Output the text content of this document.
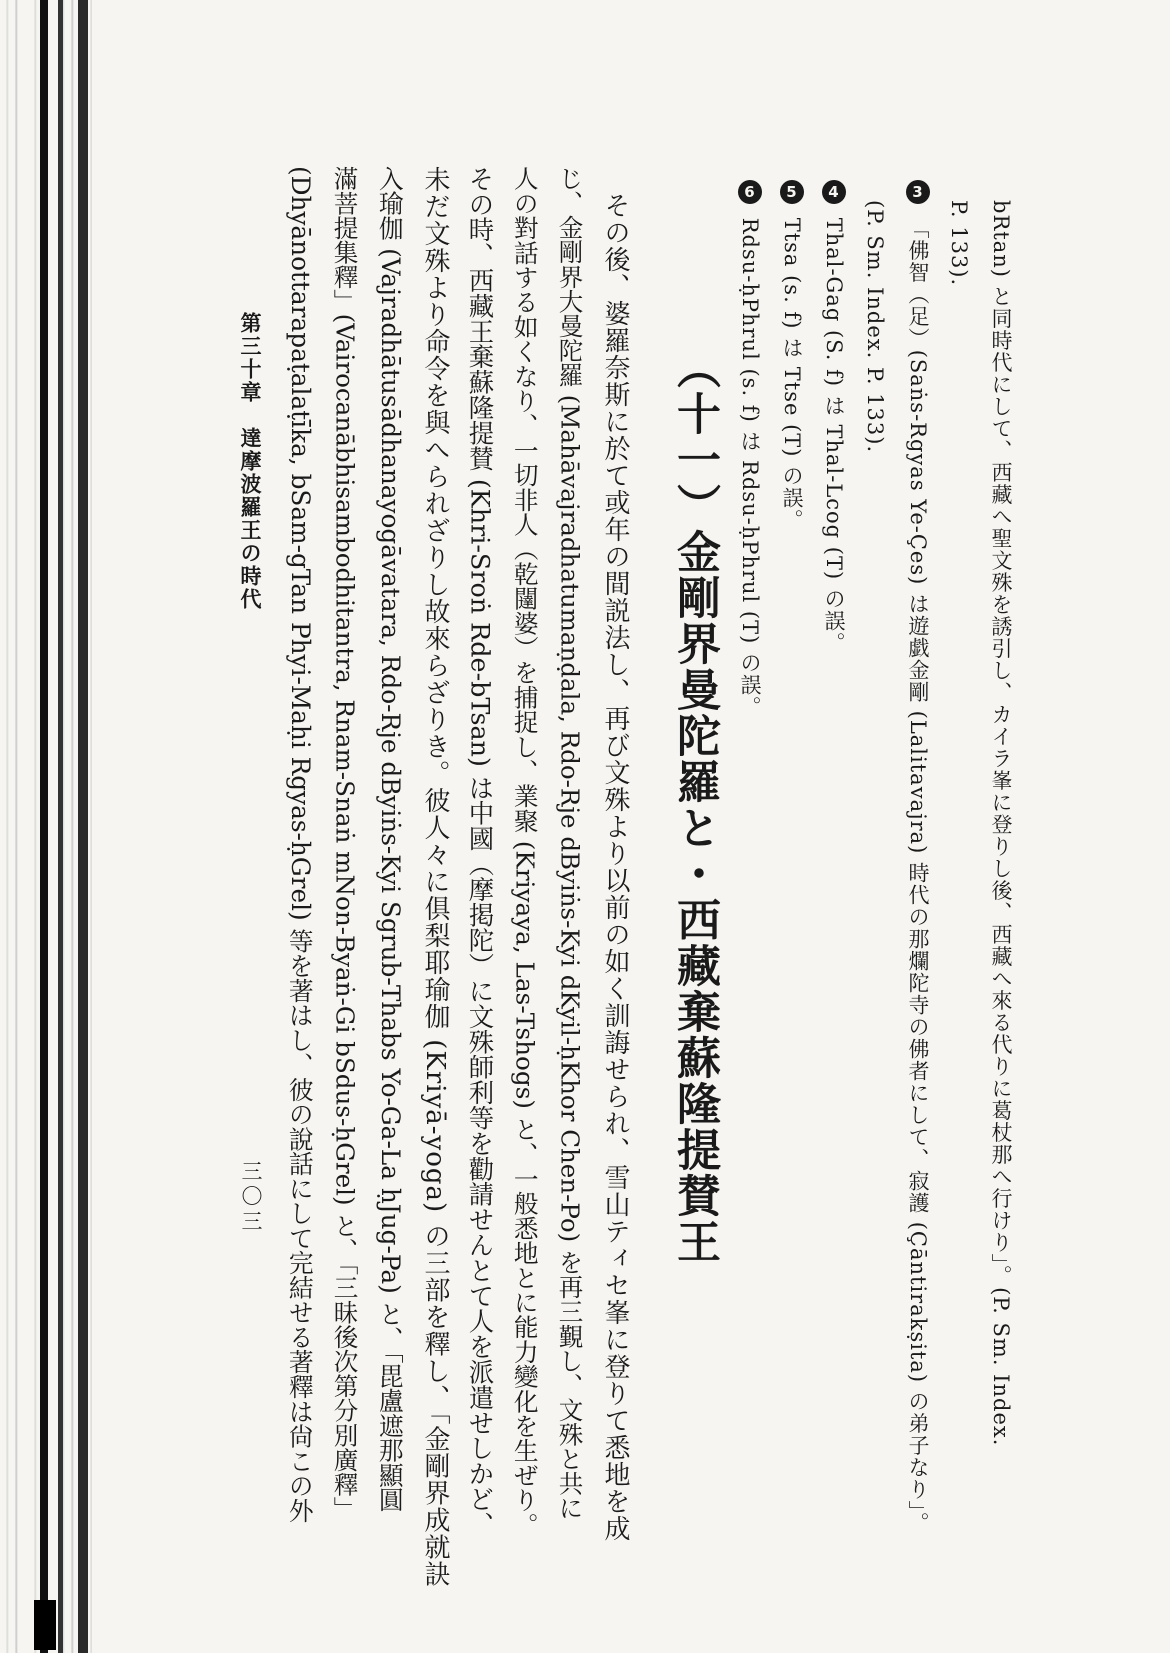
bRtan) と同時代にして、西藏へ聖文殊を誘引し、カイラ峯に登りし後、西藏へ來る代りに葛杖那へ行けり」。(P. Sm. Index.
P. 133).
3 「佛智（足）(Saṅs-Rgyas Ye-Çes) は遊戯金剛 (Lalitavajra) 時代の那爛陀寺の佛者にして、寂護 (Çāntirakṣita) の弟子なり」。
(P. Sm. Index. P. 133).
4 Thal-Gag (S. f) は Thal-Lcog (T) の誤。
5 Ttsa (s. f) は Ttse (T) の誤。
6 Rdsu-ḥPhrul (s. f) は Rdsu-ḥPhrul (T) の誤。
（十一）金剛界曼陀羅と・西藏棄蘇隆提賛王
その後、婆羅奈斯に於て或年の間説法し、再び文殊より以前の如く訓誨せられ、雪山ティセ峯に登りて悉地を成
じ、金剛界大曼陀羅 (Mahāvajradhatumaṇḍala, Rdo-Rje dByiṅs-Kyi dKyil-ḥKhor Chen-Po) を再三覲し、文殊と共に
人の對話する如くなり、一切非人（乾闥婆）を捕捉し、業聚 (Kriyaya, Las-Tshogs) と、一般悉地とに能力變化を生ぜり。
その時、西藏王棄蘇隆提賛 (Khri-Sroṅ Rde-bTsan) は中國（摩掲陀）に文殊師利等を勸請せんとて人を派遣せしかど、
未だ文殊より命令を與へられざりし故來らざりき。彼人々に俱梨耶瑜伽 (Kriyā-yoga) の三部を釋し、「金剛界成就訣
入瑜伽 (Vajradhātusādhanayogāvatara, Rdo-Rje dByiṅs-Kyi Sgrub-Thabs Yo-Ga-La ḥJug-Pa) と、「毘盧遮那顯圓
滿菩提集釋」(Vairocanābhisambodhitantra, Rnam-Snaṅ mNon-Byaṅ-Gi bSdus-ḥGrel) と、「三昧後次第分別廣釋」
(Dhyānottarapaṭalaṭīka, bSam-gTan Phyi-Maḥi Rgyas-ḥGrel) 等を著はし、彼の說話にして完結せる著釋は尙この外
第三十章　達摩波羅王の時代
三〇三
